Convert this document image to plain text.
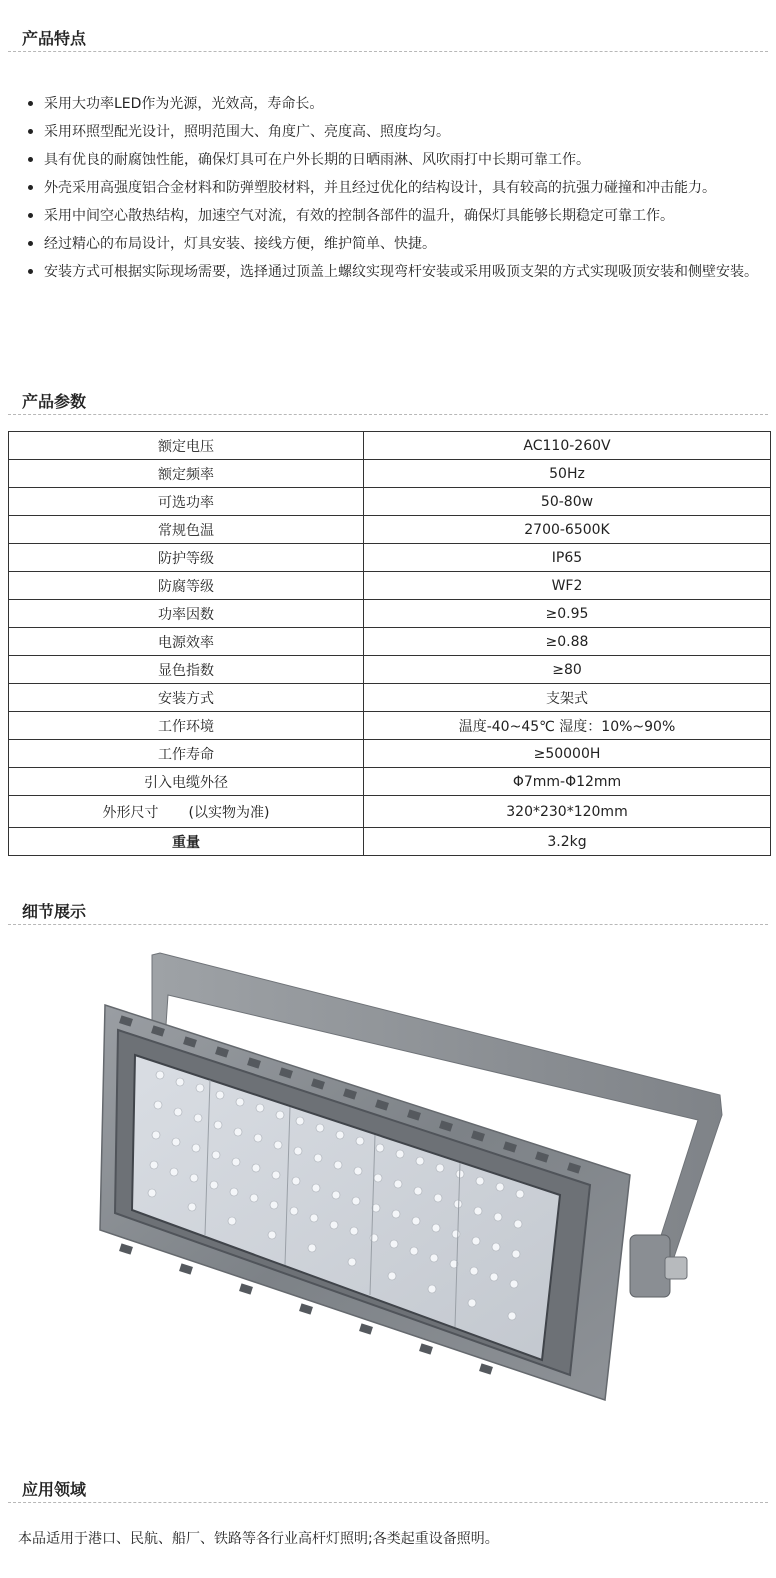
产品特点
采用大功率LED作为光源，光效高，寿命长。
采用环照型配光设计，照明范围大、角度广、亮度高、照度均匀。
具有优良的耐腐蚀性能，确保灯具可在户外长期的日晒雨淋、风吹雨打中长期可靠工作。
外壳采用高强度铝合金材料和防弹塑胶材料，并且经过优化的结构设计，具有较高的抗强力碰撞和冲击能力。
采用中间空心散热结构，加速空气对流，有效的控制各部件的温升，确保灯具能够长期稳定可靠工作。
经过精心的布局设计，灯具安装、接线方便，维护简单、快捷。
安装方式可根据实际现场需要，选择通过顶盖上螺纹实现弯杆安装或采用吸顶支架的方式实现吸顶安装和侧壁安装。
产品参数
额定电压	AC110-260V
额定频率	50Hz
可选功率	50-80w
常规色温	2700-6500K
防护等级	IP65
防腐等级	WF2
功率因数	≥0.95
电源效率	≥0.88
显色指数	≥80
安装方式	支架式
工作环境	温度-40~45℃ 湿度：10%~90%
工作寿命	≥50000H
引入电缆外径	Φ7mm-Φ12mm
外形尺寸 (以实物为准)	320*230*120mm
重量	3.2kg
细节展示
应用领域
本品适用于港口、民航、船厂、铁路等各行业高杆灯照明;各类起重设备照明。
